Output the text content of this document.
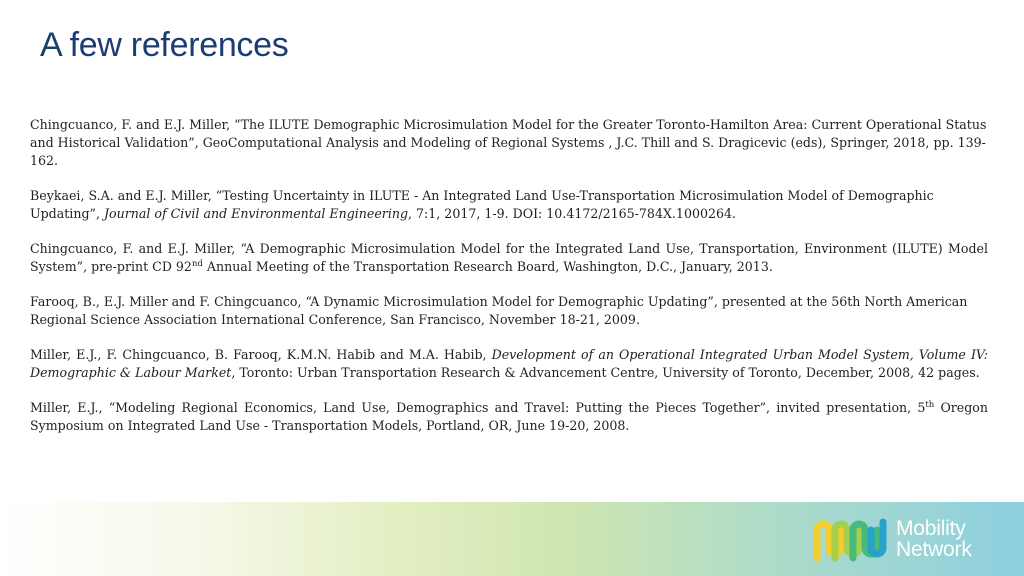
A few references

Chingcuanco, F. and E.J. Miller, “The ILUTE Demographic Microsimulation Model for the Greater Toronto-Hamilton Area: Current Operational Status and Historical Validation”, GeoComputational Analysis and Modeling of Regional Systems , J.C. Thill and S. Dragicevic (eds), Springer, 2018, pp. 139-162.

Beykaei, S.A. and E.J. Miller, “Testing Uncertainty in ILUTE - An Integrated Land Use-Transportation Microsimulation Model of Demographic Updating”, Journal of Civil and Environmental Engineering, 7:1, 2017, 1-9. DOI: 10.4172/2165-784X.1000264.

Chingcuanco, F. and E.J. Miller, “A Demographic Microsimulation Model for the Integrated Land Use, Transportation, Environment (ILUTE) Model System”, pre-print CD 92nd Annual Meeting of the Transportation Research Board, Washington, D.C., January, 2013.

Farooq, B., E.J. Miller and F. Chingcuanco, “A Dynamic Microsimulation Model for Demographic Updating”, presented at the 56th North American Regional Science Association International Conference, San Francisco, November 18-21, 2009.

Miller, E.J., F. Chingcuanco, B. Farooq, K.M.N. Habib and M.A. Habib, Development of an Operational Integrated Urban Model System, Volume IV: Demographic & Labour Market, Toronto: Urban Transportation Research & Advancement Centre, University of Toronto, December, 2008, 42 pages.

Miller, E.J., “Modeling Regional Economics, Land Use, Demographics and Travel: Putting the Pieces Together”, invited presentation, 5th Oregon Symposium on Integrated Land Use - Transportation Models, Portland, OR, June 19-20, 2008.

Mobility
Network
